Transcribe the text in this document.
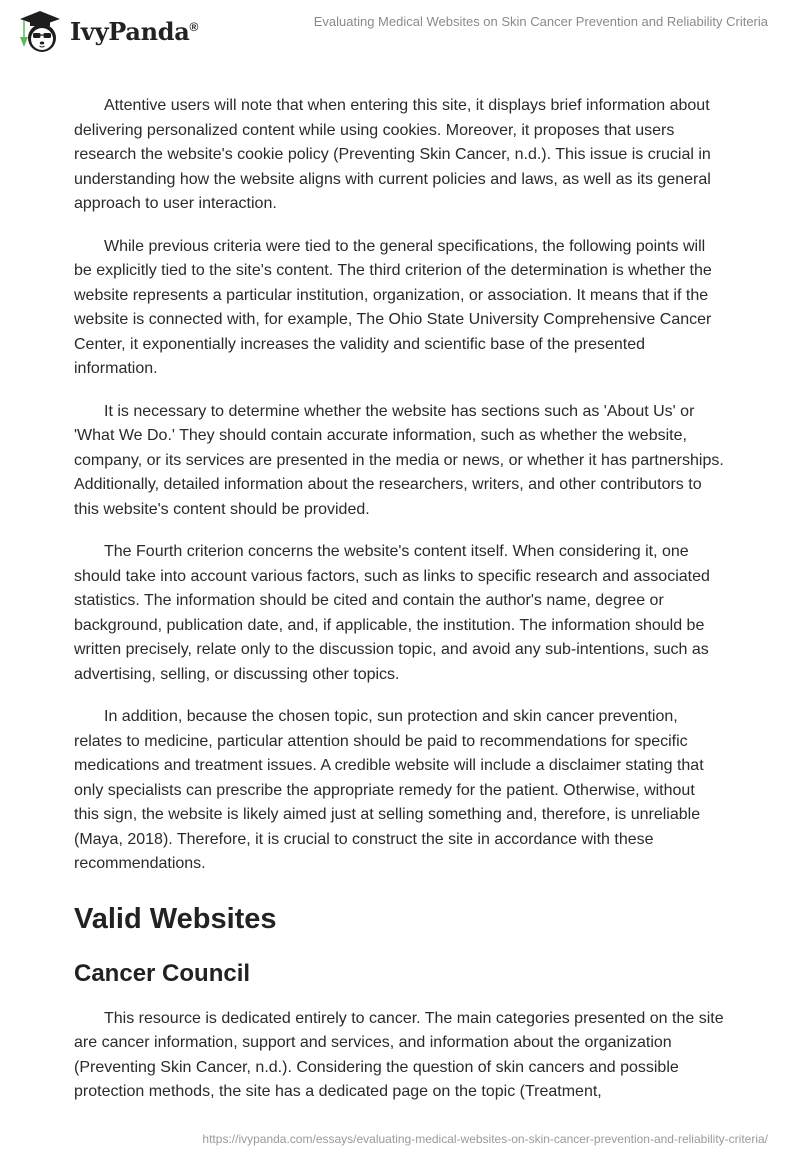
IvyPanda®	Evaluating Medical Websites on Skin Cancer Prevention and Reliability Criteria

Attentive users will note that when entering this site, it displays brief information about delivering personalized content while using cookies. Moreover, it proposes that users research the website's cookie policy (Preventing Skin Cancer, n.d.). This issue is crucial in understanding how the website aligns with current policies and laws, as well as its general approach to user interaction.

While previous criteria were tied to the general specifications, the following points will be explicitly tied to the site's content. The third criterion of the determination is whether the website represents a particular institution, organization, or association. It means that if the website is connected with, for example, The Ohio State University Comprehensive Cancer Center, it exponentially increases the validity and scientific base of the presented information.

It is necessary to determine whether the website has sections such as 'About Us' or 'What We Do.' They should contain accurate information, such as whether the website, company, or its services are presented in the media or news, or whether it has partnerships. Additionally, detailed information about the researchers, writers, and other contributors to this website's content should be provided.

The Fourth criterion concerns the website's content itself. When considering it, one should take into account various factors, such as links to specific research and associated statistics. The information should be cited and contain the author's name, degree or background, publication date, and, if applicable, the institution. The information should be written precisely, relate only to the discussion topic, and avoid any sub-intentions, such as advertising, selling, or discussing other topics.

In addition, because the chosen topic, sun protection and skin cancer prevention, relates to medicine, particular attention should be paid to recommendations for specific medications and treatment issues. A credible website will include a disclaimer stating that only specialists can prescribe the appropriate remedy for the patient. Otherwise, without this sign, the website is likely aimed just at selling something and, therefore, is unreliable (Maya, 2018). Therefore, it is crucial to construct the site in accordance with these recommendations.

Valid Websites
Cancer Council

This resource is dedicated entirely to cancer. The main categories presented on the site are cancer information, support and services, and information about the organization (Preventing Skin Cancer, n.d.). Considering the question of skin cancers and possible protection methods, the site has a dedicated page on the topic (Treatment,

https://ivypanda.com/essays/evaluating-medical-websites-on-skin-cancer-prevention-and-reliability-criteria/
